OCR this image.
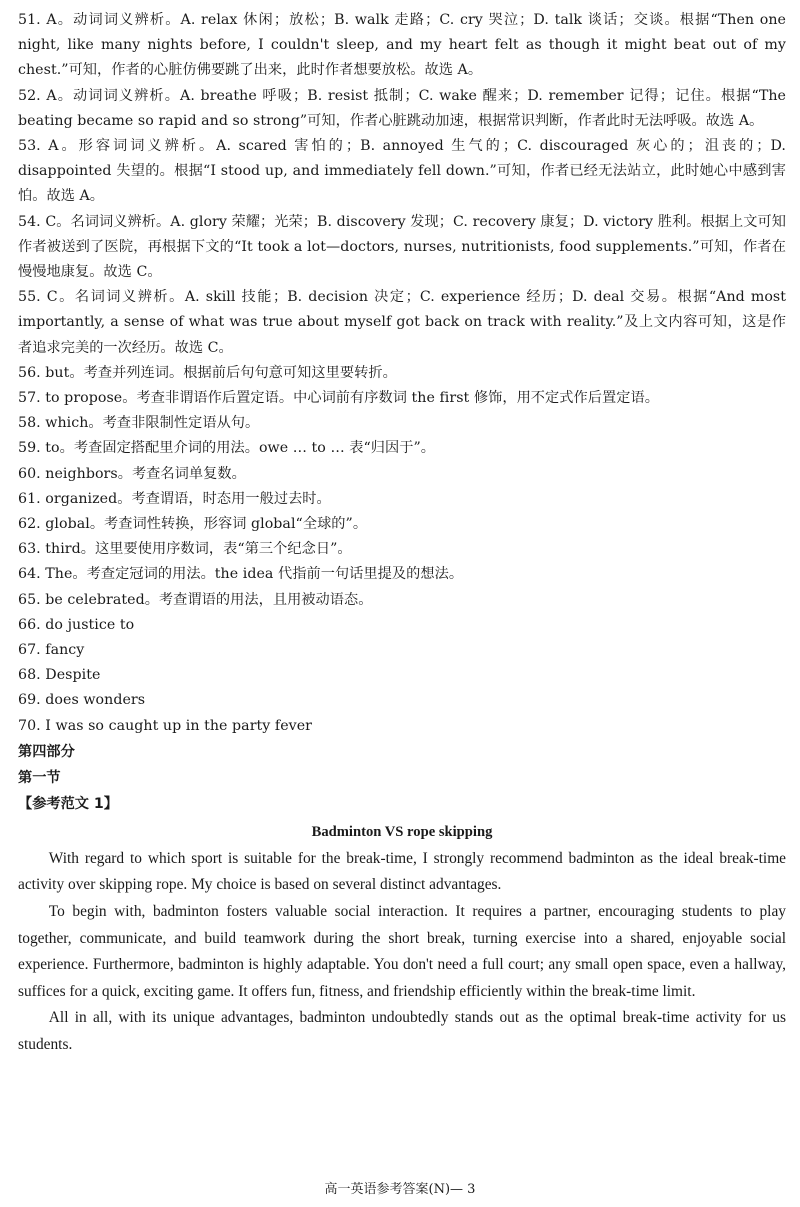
51. A。动词词义辨析。A. relax 休闲；放松；B. walk 走路；C. cry 哭泣；D. talk 谈话；交谈。根据“Then one night, like many nights before, I couldn't sleep, and my heart felt as though it might beat out of my chest.”可知，作者的心脏仿佛要跳了出来，此时作者想要放松。故选 A。

52. A。动词词义辨析。A. breathe 呼吸；B. resist 抵制；C. wake 醒来；D. remember 记得；记住。根据“The beating became so rapid and so strong”可知，作者心脏跳动加速，根据常识判断，作者此时无法呼吸。故选 A。

53. A。形容词词义辨析。A. scared 害怕的；B. annoyed 生气的；C. discouraged 灰心的；沮丧的；D. disappointed 失望的。根据“I stood up, and immediately fell down.”可知，作者已经无法站立，此时她心中感到害怕。故选 A。

54. C。名词词义辨析。A. glory 荣耀；光荣；B. discovery 发现；C. recovery 康复；D. victory 胜利。根据上文可知作者被送到了医院，再根据下文的“It took a lot—doctors, nurses, nutritionists, food supplements.”可知，作者在慢慢地康复。故选 C。

55. C。名词词义辨析。A. skill 技能；B. decision 决定；C. experience 经历；D. deal 交易。根据“And most importantly, a sense of what was true about myself got back on track with reality.”及上文内容可知，这是作者追求完美的一次经历。故选 C。

56. but。考查并列连词。根据前后句句意可知这里要转折。

57. to propose。考查非谓语作后置定语。中心词前有序数词 the first 修饰，用不定式作后置定语。

58. which。考查非限制性定语从句。

59. to。考查固定搭配里介词的用法。owe … to … 表“归因于”。

60. neighbors。考查名词单复数。

61. organized。考查谓语，时态用一般过去时。

62. global。考查词性转换，形容词 global“全球的”。

63. third。这里要使用序数词，表“第三个纪念日”。

64. The。考查定冠词的用法。the idea 代指前一句话里提及的想法。

65. be celebrated。考查谓语的用法，且用被动语态。

66. do justice to

67. fancy

68. Despite

69. does wonders

70. I was so caught up in the party fever

第四部分

第一节

【参考范文 1】

Badminton VS rope skipping

With regard to which sport is suitable for the break-time, I strongly recommend badminton as the ideal break-time activity over skipping rope. My choice is based on several distinct advantages.

To begin with, badminton fosters valuable social interaction. It requires a partner, encouraging students to play together, communicate, and build teamwork during the short break, turning exercise into a shared, enjoyable social experience. Furthermore, badminton is highly adaptable. You don't need a full court; any small open space, even a hallway, suffices for a quick, exciting game. It offers fun, fitness, and friendship efficiently within the break-time limit.

All in all, with its unique advantages, badminton undoubtedly stands out as the optimal break-time activity for us students.

高一英语参考答案(N)— 3
